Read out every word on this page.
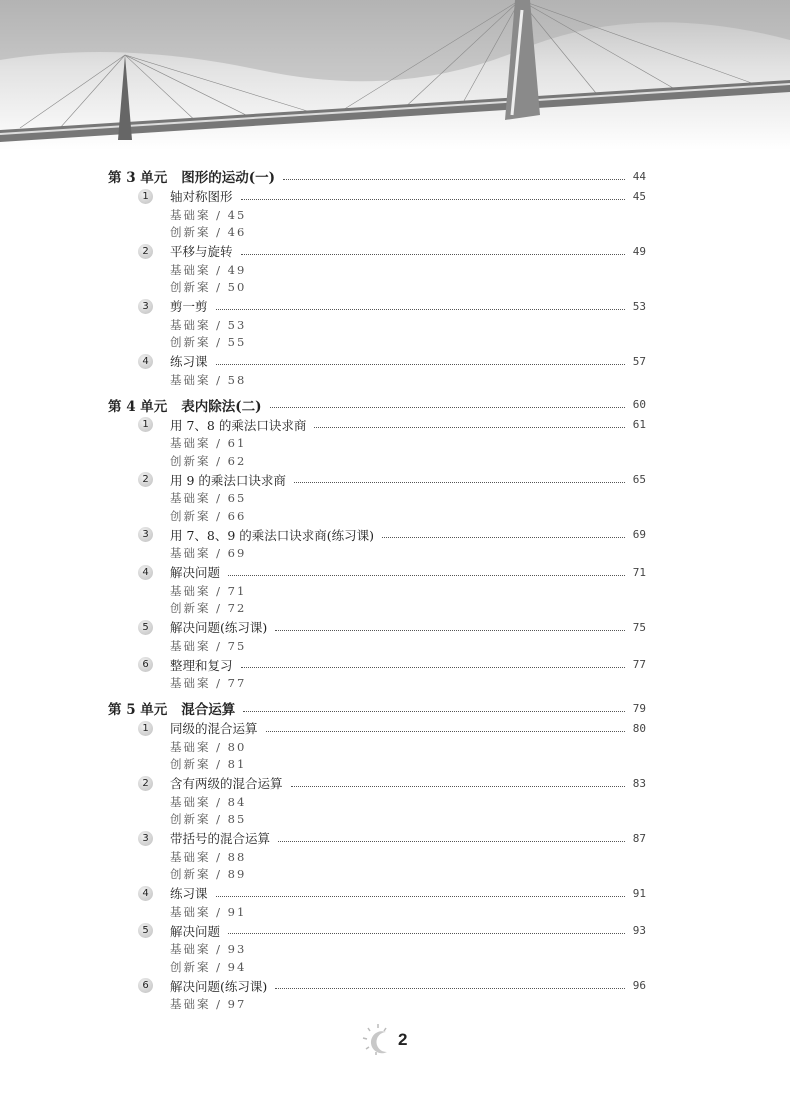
第 3 单元 图形的运动(一)	44
1	轴对称图形	45
基础案 / 45
创新案 / 46
2	平移与旋转	49
基础案 / 49
创新案 / 50
3	剪一剪	53
基础案 / 53
创新案 / 55
4	练习课	57
基础案 / 58
第 4 单元 表内除法(二)	60
1	用 7、8 的乘法口诀求商	61
基础案 / 61
创新案 / 62
2	用 9 的乘法口诀求商	65
基础案 / 65
创新案 / 66
3	用 7、8、9 的乘法口诀求商(练习课)	69
基础案 / 69
4	解决问题	71
基础案 / 71
创新案 / 72
5	解决问题(练习课)	75
基础案 / 75
6	整理和复习	77
基础案 / 77
第 5 单元 混合运算	79
1	同级的混合运算	80
基础案 / 80
创新案 / 81
2	含有两级的混合运算	83
基础案 / 84
创新案 / 85
3	带括号的混合运算	87
基础案 / 88
创新案 / 89
4	练习课	91
基础案 / 91
5	解决问题	93
基础案 / 93
创新案 / 94
6	解决问题(练习课)	96
基础案 / 97
2
